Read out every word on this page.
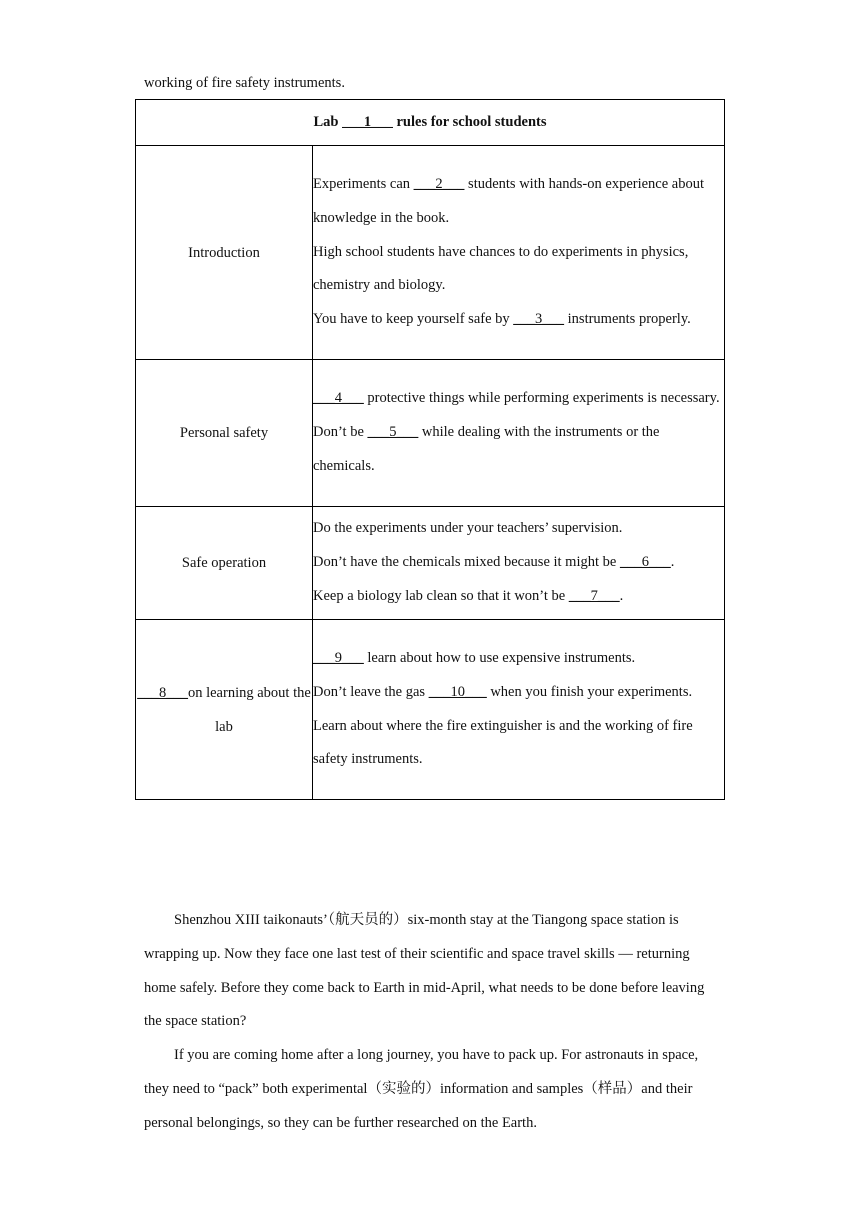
working of fire safety instruments.

Lab ___1___ rules for school students	
Introduction	Experiments can ___2___ students with hands-on experience about knowledge in the book.

High school students have chances to do experiments in physics, chemistry and biology.

You have to keep yourself safe by ___3___ instruments properly.

Personal safety	___4___ protective things while performing experiments is necessary.

Don’t be ___5___ while dealing with the instruments or the chemicals.

Safe operation	Do the experiments under your teachers’ supervision.

Don’t have the chemicals mixed because it might be ___6___.

Keep a biology lab clean so that it won’t be ___7___.

___8___on learning about the lab	___9___ learn about how to use expensive instruments.

Don’t leave the gas ___10___ when you finish your experiments.

Learn about where the fire extinguisher is and the working of fire safety instruments.

Shenzhou XIII taikonauts’（航天员的）six-month stay at the Tiangong space station is wrapping up. Now they face one last test of their scientific and space travel skills — returning home safely. Before they come back to Earth in mid-April, what needs to be done before leaving the space station?

If you are coming home after a long journey, you have to pack up. For astronauts in space, they need to “pack” both experimental（实验的）information and samples（样品）and their personal belongings, so they can be further researched on the Earth.
